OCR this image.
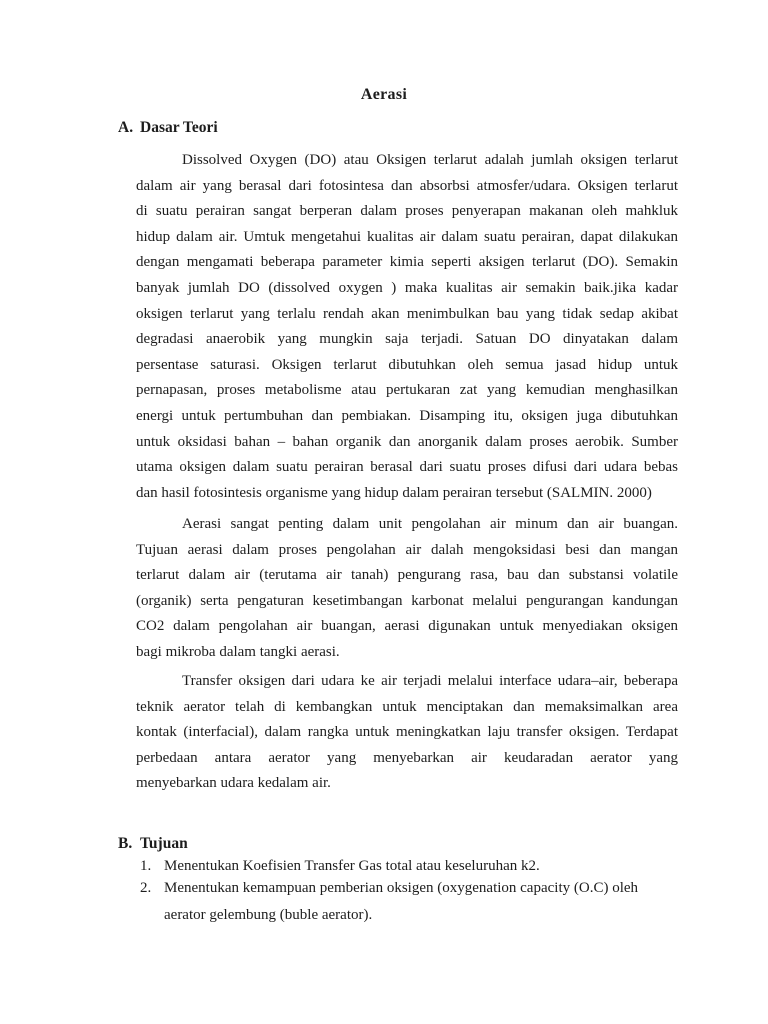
Aerasi
A. Dasar Teori
Dissolved Oxygen (DO) atau Oksigen terlarut adalah jumlah oksigen terlarut
dalam air yang berasal dari fotosintesa dan absorbsi atmosfer/udara. Oksigen terlarut
di suatu perairan sangat berperan dalam proses penyerapan makanan oleh mahkluk
hidup dalam air. Umtuk mengetahui kualitas air dalam suatu perairan, dapat dilakukan
dengan mengamati beberapa parameter kimia seperti aksigen terlarut (DO). Semakin
banyak jumlah DO (dissolved oxygen ) maka kualitas air semakin baik.jika kadar
oksigen terlarut yang terlalu rendah akan menimbulkan bau yang tidak sedap akibat
degradasi anaerobik yang mungkin saja terjadi. Satuan DO dinyatakan dalam
persentase saturasi. Oksigen terlarut dibutuhkan oleh semua jasad hidup untuk
pernapasan, proses metabolisme atau pertukaran zat yang kemudian menghasilkan
energi untuk pertumbuhan dan pembiakan. Disamping itu, oksigen juga dibutuhkan
untuk oksidasi bahan – bahan organik dan anorganik dalam proses aerobik. Sumber
utama oksigen dalam suatu perairan berasal dari suatu proses difusi dari udara bebas
dan hasil fotosintesis organisme yang hidup dalam perairan tersebut (SALMIN. 2000)
Aerasi sangat penting dalam unit pengolahan air minum dan air buangan.
Tujuan aerasi dalam proses pengolahan air dalah mengoksidasi besi dan mangan
terlarut dalam air (terutama air tanah) pengurang rasa, bau dan substansi volatile
(organik) serta pengaturan kesetimbangan karbonat melalui pengurangan kandungan
CO2 dalam pengolahan air buangan, aerasi digunakan untuk menyediakan oksigen
bagi mikroba dalam tangki aerasi.
Transfer oksigen dari udara ke air terjadi melalui interface udara–air, beberapa
teknik aerator telah di kembangkan untuk menciptakan dan memaksimalkan area
kontak (interfacial), dalam rangka untuk meningkatkan laju transfer oksigen. Terdapat
perbedaan antara aerator yang menyebarkan air keudaradan aerator yang
menyebarkan udara kedalam air.
B. Tujuan
1. Menentukan Koefisien Transfer Gas total atau keseluruhan k2.
2. Menentukan kemampuan pemberian oksigen (oxygenation capacity (O.C) oleh
aerator gelembung (buble aerator).
